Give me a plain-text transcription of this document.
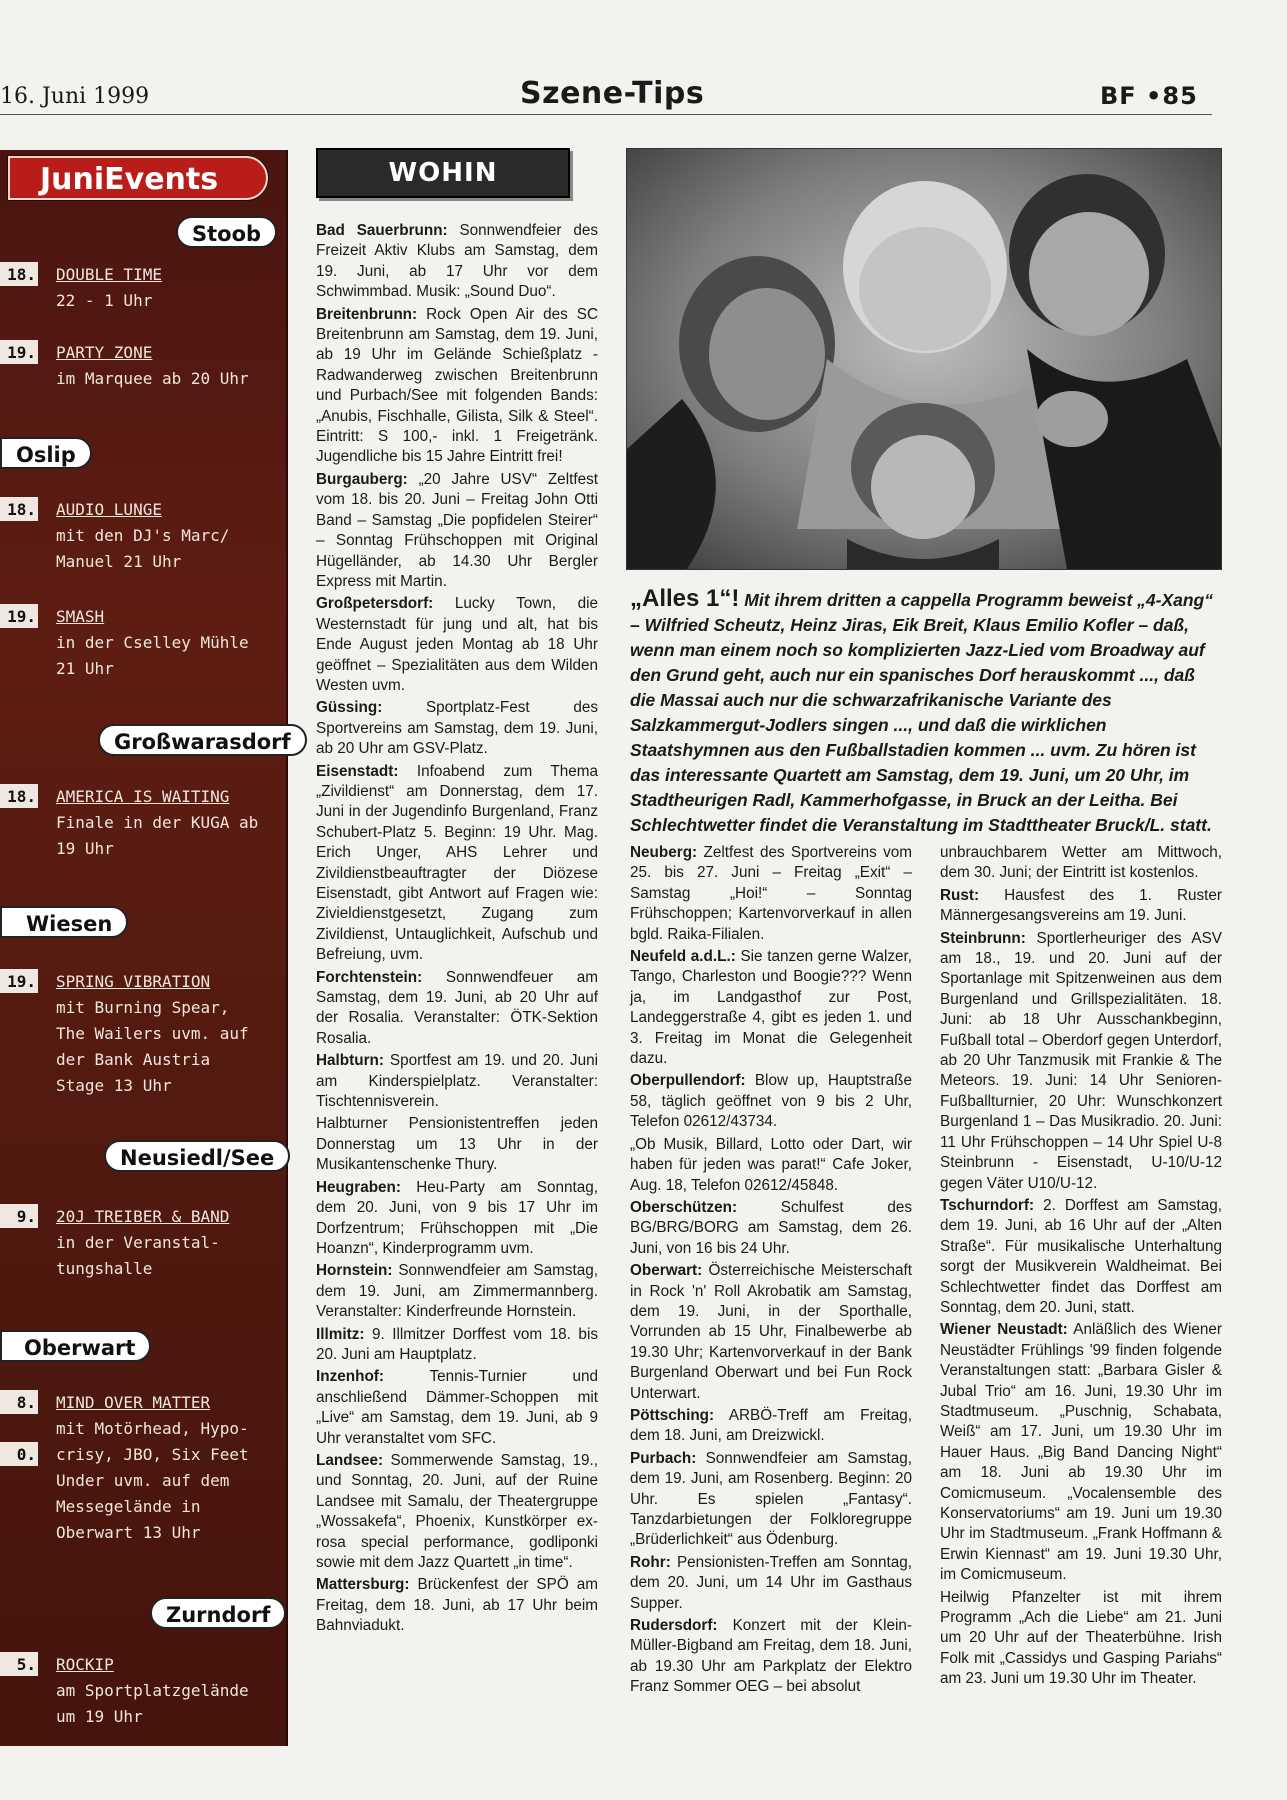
16. Juni 1999	Szene-Tips	BF •85
JuniEvents
Stoob
18. DOUBLE TIME
22 - 1 Uhr
19. PARTY ZONE
im Marquee ab 20 Uhr
Oslip
18. AUDIO LUNGE
mit den DJ's Marc/
Manuel 21 Uhr
19. SMASH
in der Cselley Mühle
21 Uhr
Großwarasdorf
18. AMERICA IS WAITING
Finale in der KUGA ab
19 Uhr
Wiesen
19. SPRING VIBRATION
mit Burning Spear,
The Wailers uvm. auf
der Bank Austria
Stage 13 Uhr
Neusiedl/See
9. 20J TREIBER & BAND
in der Veranstal-
tungshalle
Oberwart
8. MIND OVER MATTER
mit Motörhead, Hypo-
crisy, JBO, Six Feet
Under uvm. auf dem
Messegelände in
Oberwart 13 Uhr
0.
Zurndorf
5. ROCKIP
am Sportplatzgelände
um 19 Uhr
WOHIN

Bad Sauerbrunn: Sonnwendfeier des Freizeit Aktiv Klubs am Samstag, dem 19. Juni, ab 17 Uhr vor dem Schwimmbad. Musik: „Sound Duo“.

Breitenbrunn: Rock Open Air des SC Breitenbrunn am Samstag, dem 19. Juni, ab 19 Uhr im Gelände Schießplatz - Radwanderweg zwischen Breitenbrunn und Purbach/See mit folgenden Bands: „Anubis, Fischhalle, Gilista, Silk & Steel“. Eintritt: S 100,- inkl. 1 Freigetränk. Jugendliche bis 15 Jahre Eintritt frei!

Burgauberg: „20 Jahre USV“ Zeltfest vom 18. bis 20. Juni – Freitag John Otti Band – Samstag „Die popfidelen Steirer“ – Sonntag Frühschoppen mit Original Hügelländer, ab 14.30 Uhr Bergler Express mit Martin.

Großpetersdorf: Lucky Town, die Westernstadt für jung und alt, hat bis Ende August jeden Montag ab 18 Uhr geöffnet – Spezialitäten aus dem Wilden Westen uvm.

Güssing:	Sportplatz-Fest des Sportvereins am Samstag, dem 19. Juni, ab 20 Uhr am GSV-Platz.

Eisenstadt: Infoabend zum Thema „Zivildienst“ am Donnerstag, dem 17. Juni in der Jugendinfo Burgenland, Franz Schubert-Platz 5. Beginn: 19 Uhr. Mag. Erich Unger, AHS Lehrer und Zivildienstbeauftragter der Diözese Eisenstadt, gibt Antwort auf Fragen wie: Zivieldienstgesetzt, Zugang zum Zivildienst, Untauglichkeit, Aufschub und Befreiung, uvm.

Forchtenstein: Sonnwendfeuer am Samstag, dem 19. Juni, ab 20 Uhr auf der Rosalia. Veranstalter: ÖTK-Sektion Rosalia.

Halbturn: Sportfest am 19. und 20. Juni am Kinderspielplatz. Veranstalter: Tischtennisverein.

Halbturner Pensionistentreffen jeden Donnerstag um 13 Uhr in der Musikantenschenke Thury.

Heugraben: Heu-Party am Sonntag, dem 20. Juni, von 9 bis 17 Uhr im Dorfzentrum; Frühschoppen mit „Die Hoanzn“, Kinderprogramm uvm.

Hornstein: Sonnwendfeier am Samstag, dem 19. Juni, am Zimmermannberg. Veranstalter: Kinderfreunde Hornstein.

Illmitz: 9. Illmitzer Dorffest vom 18. bis 20. Juni am Hauptplatz.

Inzenhof:	Tennis-Turnier und anschließend Dämmer-Schoppen mit „Live“ am Samstag, dem 19. Juni, ab 9 Uhr veranstaltet vom SFC.

Landsee: Sommerwende Samstag, 19., und Sonntag, 20. Juni, auf der Ruine Landsee mit Samalu, der Theatergruppe „Wossakefa“, Phoenix, Kunstkörper ex-rosa special performance, godliponki sowie mit dem Jazz Quartett „in time“.

Mattersburg: Brückenfest der SPÖ am Freitag, dem 18. Juni, ab 17 Uhr beim Bahnviadukt.

„Alles 1“! Mit ihrem dritten a cappella Programm beweist „4-Xang“ – Wilfried Scheutz, Heinz Jiras, Eik Breit, Klaus Emilio Kofler – daß, wenn man einem noch so komplizierten Jazz-Lied vom Broadway auf den Grund geht, auch nur ein spanisches Dorf herauskommt ..., daß die Massai auch nur die schwarzafrikanische Variante des Salzkammergut-Jodlers singen ..., und daß die wirklichen Staatshymnen aus den Fußballstadien kommen ... uvm. Zu hören ist das interessante Quartett am Samstag, dem 19. Juni, um 20 Uhr, im Stadtheurigen Radl, Kammerhofgasse, in Bruck an der Leitha. Bei Schlechtwetter findet die Veranstaltung im Stadttheater Bruck/L. statt.

Neuberg: Zeltfest des Sportvereins vom 25. bis 27. Juni – Freitag „Exit“ – Samstag „Hoi!“ – Sonntag Frühschoppen; Kartenvorverkauf in allen bgld. Raika-Filialen.

Neufeld a.d.L.: Sie tanzen gerne Walzer, Tango, Charleston und Boogie??? Wenn ja, im Landgasthof zur Post, Landeggerstraße 4, gibt es jeden 1. und 3. Freitag im Monat die Gelegenheit dazu.

Oberpullendorf: Blow up, Hauptstraße 58, täglich geöffnet von 9 bis 2 Uhr, Telefon 02612/43734.

„Ob Musik, Billard, Lotto oder Dart, wir haben für jeden was parat!“ Cafe Joker, Aug. 18, Telefon 02612/45848.

Oberschützen:	Schulfest des BG/BRG/BORG am Samstag, dem 26. Juni, von 16 bis 24 Uhr.

Oberwart: Österreichische Meisterschaft in Rock 'n' Roll Akrobatik am Samstag, dem 19. Juni, in der Sporthalle, Vorrunden ab 15 Uhr, Finalbewerbe ab 19.30 Uhr; Kartenvorverkauf in der Bank Burgenland Oberwart und bei Fun Rock Unterwart.

Pöttsching: ARBÖ-Treff am Freitag, dem 18. Juni, am Dreizwickl.

Purbach: Sonnwendfeier am Samstag, dem 19. Juni, am Rosenberg. Beginn: 20 Uhr. Es spielen „Fantasy“. Tanzdarbietungen der Folkloregruppe „Brüderlichkeit“ aus Ödenburg.

Rohr: Pensionisten-Treffen am Sonntag, dem 20. Juni, um 14 Uhr im Gasthaus Supper.

Rudersdorf: Konzert mit der Klein-Müller-Bigband am Freitag, dem 18. Juni, ab 19.30 Uhr am Parkplatz der Elektro Franz Sommer OEG – bei absolut

unbrauchbarem Wetter am Mittwoch, dem 30. Juni; der Eintritt ist kostenlos.

Rust: Hausfest des 1. Ruster Männergesangsvereins am 19. Juni.

Steinbrunn: Sportlerheuriger des ASV am 18., 19. und 20. Juni auf der Sportanlage mit Spitzenweinen aus dem Burgenland und Grillspezialitäten. 18. Juni: ab 18 Uhr Ausschankbeginn, Fußball total – Oberdorf gegen Unterdorf, ab 20 Uhr Tanzmusik mit Frankie & The Meteors. 19. Juni: 14 Uhr Senioren-Fußballturnier, 20 Uhr: Wunschkonzert Burgenland 1 – Das Musikradio. 20. Juni: 11 Uhr Frühschoppen – 14 Uhr Spiel U-8 Steinbrunn - Eisenstadt, U-10/U-12 gegen Väter U10/U-12.

Tschurndorf: 2. Dorffest am Samstag, dem 19. Juni, ab 16 Uhr auf der „Alten Straße“. Für musikalische Unterhaltung sorgt der Musikverein Waldheimat. Bei Schlechtwetter findet das Dorffest am Sonntag, dem 20. Juni, statt.

Wiener Neustadt: Anläßlich des Wiener Neustädter Frühlings '99 finden folgende Veranstaltungen statt: „Barbara Gisler & Jubal Trio“ am 16. Juni, 19.30 Uhr im Stadtmuseum. „Puschnig, Schabata, Weiß“ am 17. Juni, um 19.30 Uhr im Hauer Haus. „Big Band Dancing Night“ am 18. Juni ab 19.30 Uhr im Comicmuseum. „Vocalensemble des Konservatoriums“ am 19. Juni um 19.30 Uhr im Stadtmuseum. „Frank Hoffmann & Erwin Kiennast“ am 19. Juni 19.30 Uhr, im Comicmuseum.

Heilwig Pfanzelter ist mit ihrem Programm „Ach die Liebe“ am 21. Juni um 20 Uhr auf der Theaterbühne. Irish Folk mit „Cassidys und Gasping Pariahs“ am 23. Juni um 19.30 Uhr im Theater.
